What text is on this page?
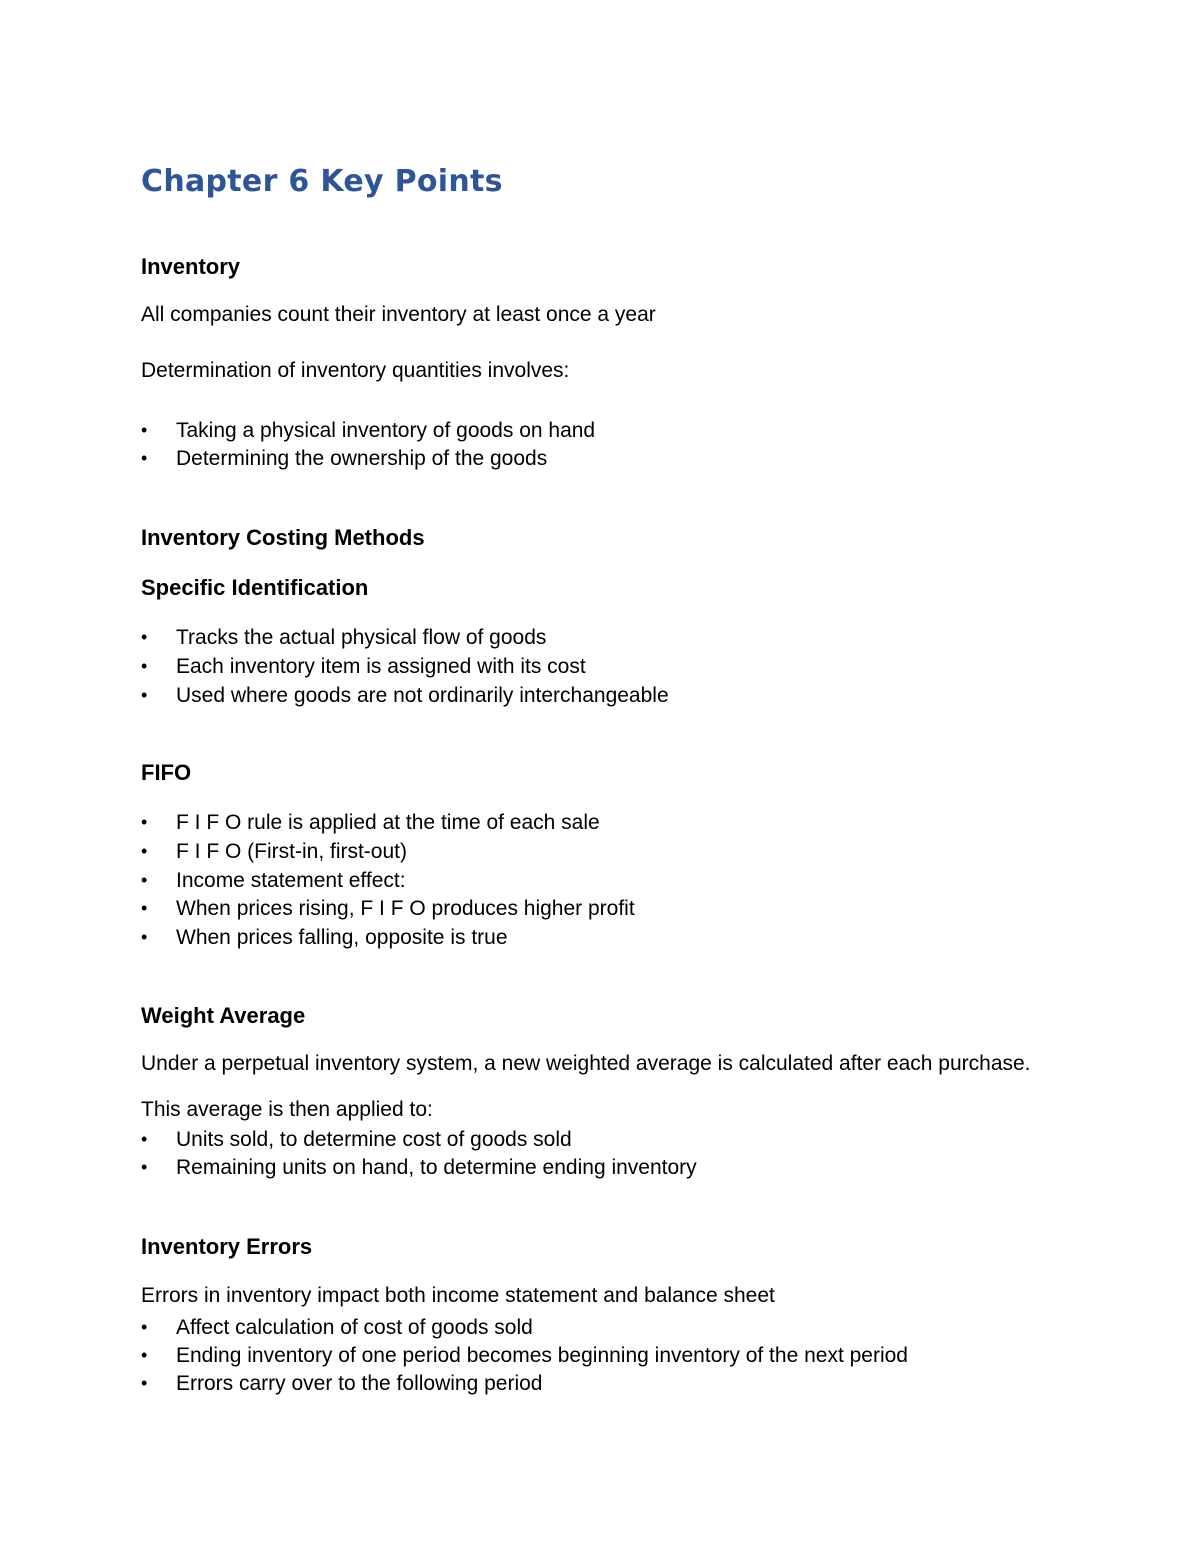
Chapter 6 Key Points
Inventory

All companies count their inventory at least once a year

Determination of inventory quantities involves:

• Taking a physical inventory of goods on hand
• Determining the ownership of the goods
Inventory Costing Methods
Specific Identification
• Tracks the actual physical flow of goods
• Each inventory item is assigned with its cost
• Used where goods are not ordinarily interchangeable
FIFO
• F I F O rule is applied at the time of each sale
• F I F O (First-in, first-out)
• Income statement effect:
• When prices rising, F I F O produces higher profit
• When prices falling, opposite is true
Weight Average

Under a perpetual inventory system, a new weighted average is calculated after each purchase.

This average is then applied to:

• Units sold, to determine cost of goods sold
• Remaining units on hand, to determine ending inventory
Inventory Errors

Errors in inventory impact both income statement and balance sheet

• Affect calculation of cost of goods sold
• Ending inventory of one period becomes beginning inventory of the next period
• Errors carry over to the following period
